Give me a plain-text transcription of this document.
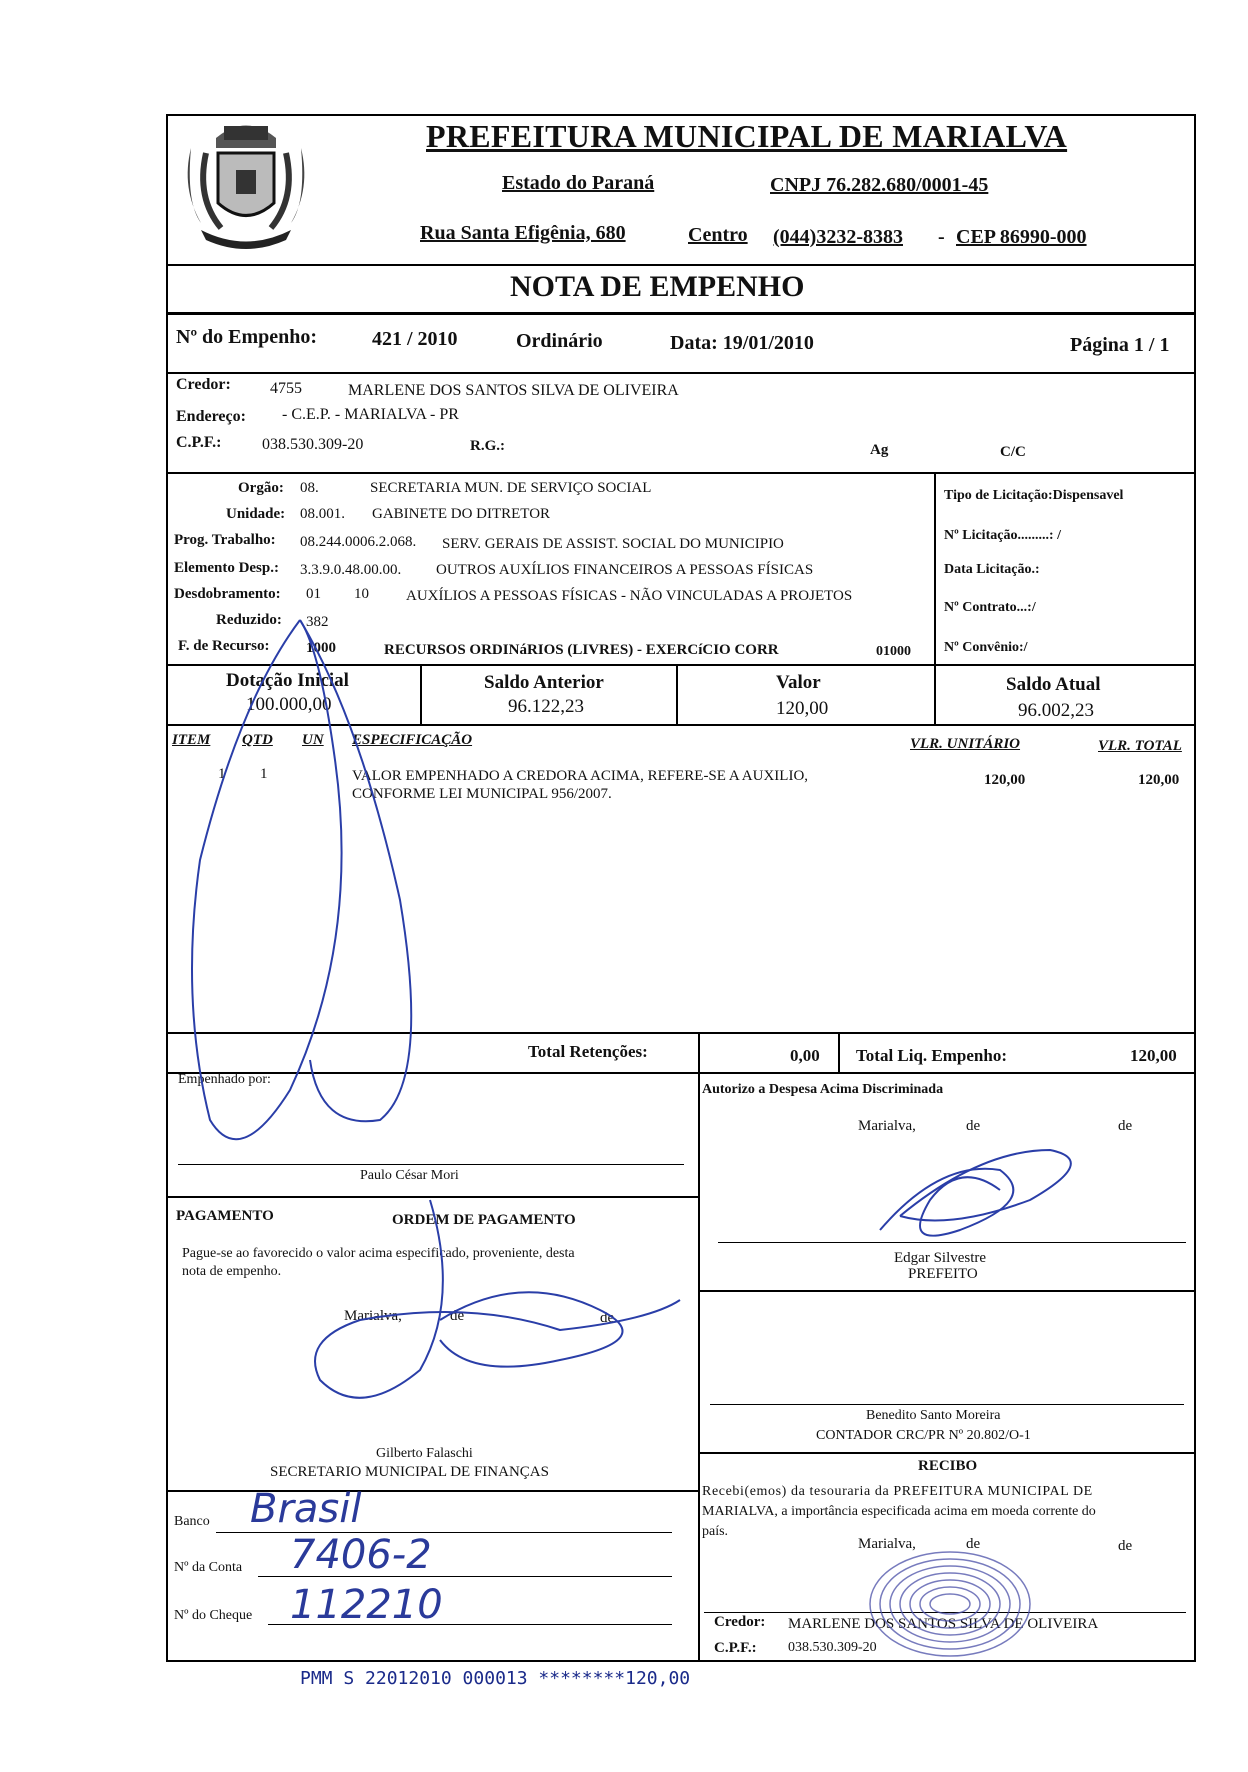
PREFEITURA MUNICIPAL DE MARIALVA
Estado do Paraná	CNPJ 76.282.680/0001-45
Rua Santa Efigênia, 680	Centro (044)3232-8383 - CEP 86990-000
NOTA DE EMPENHO
Nº do Empenho:	421 / 2010	Ordinário	Data: 19/01/2010	Página 1 / 1
Credor: 4755	MARLENE DOS SANTOS SILVA DE OLIVEIRA
Endereço: - C.E.P. - MARIALVA - PR
C.P.F.:	038.530.309-20	R.G.:	Ag	C/C
Orgão: 08.	SECRETARIA MUN. DE SERVIÇO SOCIAL
Unidade: 08.001. GABINETE DO DITRETOR
Prog. Trabalho: 08.244.0006.2.068. SERV. GERAIS DE ASSIST. SOCIAL DO MUNICIPIO
Elemento Desp.: 3.3.9.0.48.00.00. OUTROS AUXÍLIOS FINANCEIROS A PESSOAS FÍSICAS
Desdobramento: 01 10 AUXÍLIOS A PESSOAS FÍSICAS - NÃO VINCULADAS A PROJETOS
Reduzido: 382
F. de Recurso: 1000	RECURSOS ORDINáRIOS (LIVRES) - EXERCíCIO CORR	01000
Tipo de Licitação:Dispensavel
Nº Licitação.........: /
Data Licitação.:
Nº Contrato...:/
Nº Convênio:/
Dotação Inicial
100.000,00
Saldo Anterior
96.122,23
Valor
120,00
Saldo Atual
96.002,23
ITEM QTD UN ESPECIFICAÇÃO	VLR. UNITÁRIO	VLR. TOTAL
1 1	VALOR EMPENHADO A CREDORA ACIMA, REFERE-SE A AUXILIO,
CONFORME LEI MUNICIPAL 956/2007.
120,00	120,00
Total Retenções:	0,00 Total Liq. Empenho:	120,00
Empenhado por:
Paulo César Mori
Autorizo a Despesa Acima Discriminada
Marialva,	de	de
Edgar Silvestre
PREFEITO
PAGAMENTO	ORDEM DE PAGAMENTO
Pague-se ao favorecido o valor acima especificado, proveniente, desta
nota de empenho.
Marialva,	de	de
Benedito Santo Moreira
CONTADOR CRC/PR Nº 20.802/O-1
Gilberto Falaschi
SECRETARIO MUNICIPAL DE FINANÇAS
Banco Brasil
Nº da Conta 7406-2
Nº do Cheque 112210
RECIBO
Recebi(emos) da tesouraria da PREFEITURA MUNICIPAL DE
MARIALVA, a importância especificada acima em moeda corrente do
país.
Marialva,	de	de
Credor: MARLENE DOS SANTOS SILVA DE OLIVEIRA
C.P.F.: 038.530.309-20
PMM S 22012010 000013 ********120,00
